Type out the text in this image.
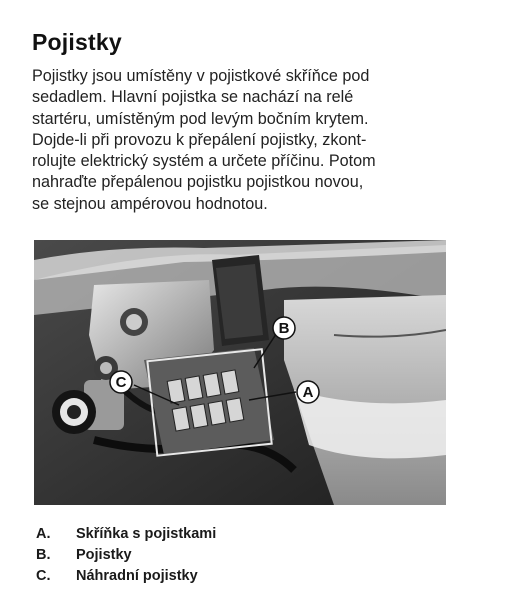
Pojistky
Pojistky jsou umístěny v pojistkové skříňce pod
sedadlem. Hlavní pojistka se nachází na relé
startéru, umístěným pod levým bočním krytem.
Dojde-li při provozu k přepálení pojistky, zkont-
rolujte elektrický systém a určete příčinu. Potom
nahraďte přepálenou pojistku pojistkou novou,
se stejnou ampérovou hodnotou.
B
C
A
A.	Skříňka s pojistkami
B.	Pojistky
C.	Náhradní pojistky
